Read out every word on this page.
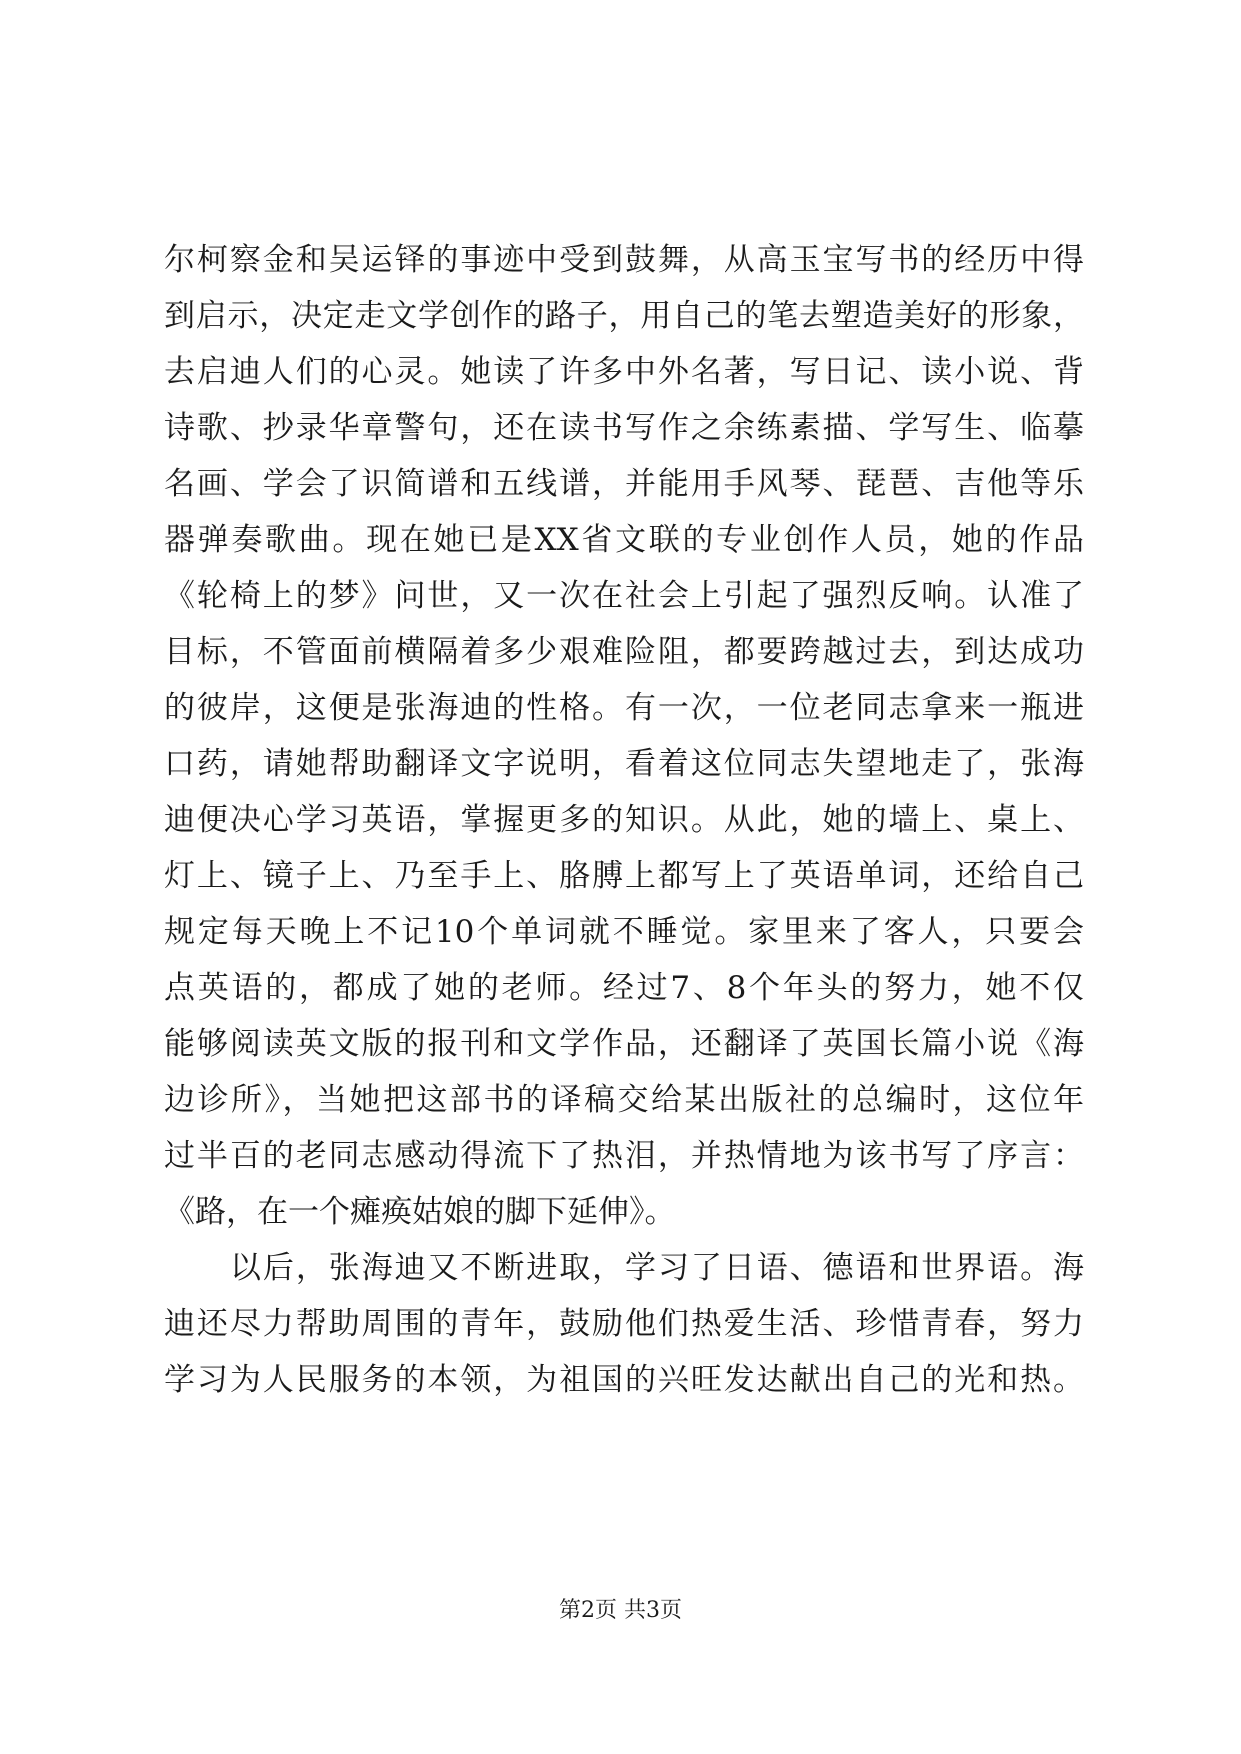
尔柯察金和吴运铎的事迹中受到鼓舞，从高玉宝写书的经历中得
到启示，决定走文学创作的路子，用自己的笔去塑造美好的形象，
去启迪人们的心灵。她读了许多中外名著，写日记、读小说、背
诗歌、抄录华章警句，还在读书写作之余练素描、学写生、临摹
名画、学会了识简谱和五线谱，并能用手风琴、琵琶、吉他等乐
器弹奏歌曲。现在她已是XX省文联的专业创作人员，她的作品
《轮椅上的梦》问世，又一次在社会上引起了强烈反响。认准了
目标，不管面前横隔着多少艰难险阻，都要跨越过去，到达成功
的彼岸，这便是张海迪的性格。有一次，一位老同志拿来一瓶进
口药，请她帮助翻译文字说明，看着这位同志失望地走了，张海
迪便决心学习英语，掌握更多的知识。从此，她的墙上、桌上、
灯上、镜子上、乃至手上、胳膊上都写上了英语单词，还给自己
规定每天晚上不记10个单词就不睡觉。家里来了客人，只要会
点英语的，都成了她的老师。经过7、8个年头的努力，她不仅
能够阅读英文版的报刊和文学作品，还翻译了英国长篇小说《海
边诊所》，当她把这部书的译稿交给某出版社的总编时，这位年
过半百的老同志感动得流下了热泪，并热情地为该书写了序言：
《路，在一个瘫痪姑娘的脚下延伸》。
以后，张海迪又不断进取，学习了日语、德语和世界语。海
迪还尽力帮助周围的青年，鼓励他们热爱生活、珍惜青春，努力
学习为人民服务的本领，为祖国的兴旺发达献出自己的光和热。
第2页 共3页
